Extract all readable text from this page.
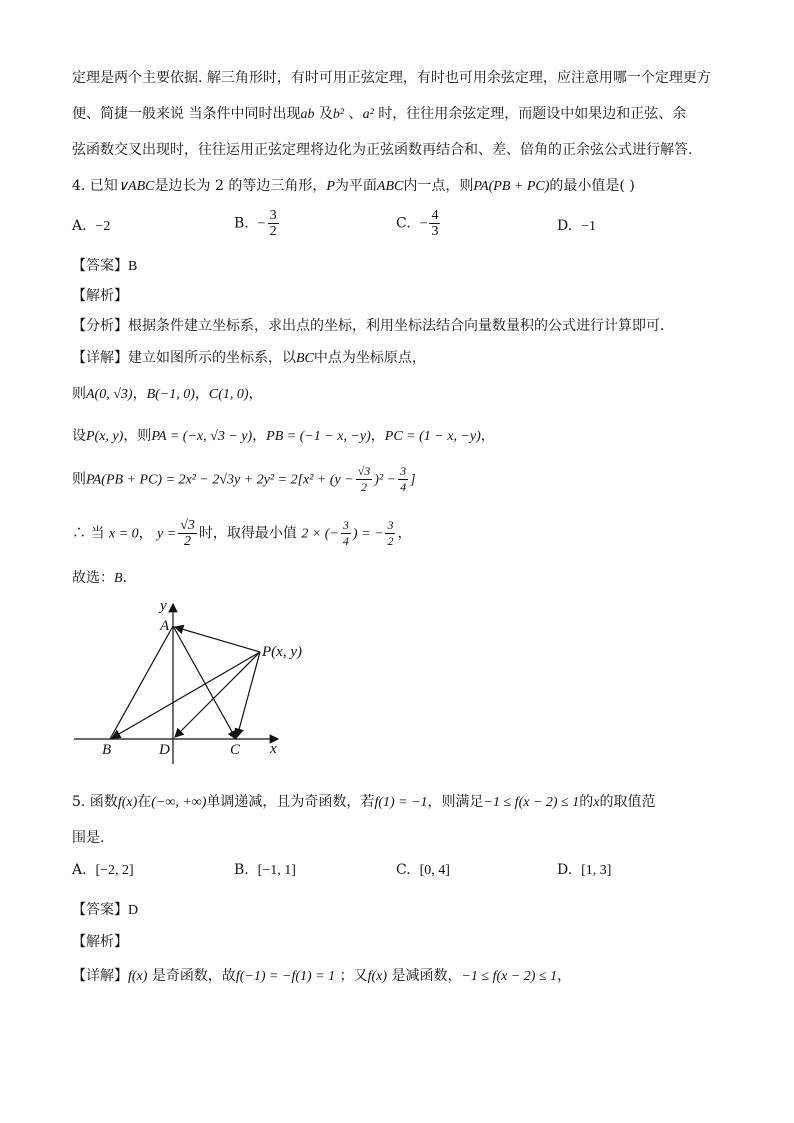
定理是两个主要依据. 解三角形时，有时可用正弦定理，有时也可用余弦定理，应注意用哪一个定理更方
便、简捷一般来说 当条件中同时出现ab 及b² 、a² 时，往往用余弦定理，而题设中如果边和正弦、余
弦函数交叉出现时，往往运用正弦定理将边化为正弦函数再结合和、差、倍角的正余弦公式进行解答.
4. 已知∨ABC是边长为 2 的等边三角形，P为平面ABC内一点，则PA(PB + PC)的最小值是( )
A. −2	B. − $\frac{3}{2}$	C. − $\frac{4}{3}$	D. −1
【答案】B
【解析】
【分析】根据条件建立坐标系，求出点的坐标，利用坐标法结合向量数量积的公式进行计算即可．
【详解】建立如图所示的坐标系，以BC中点为坐标原点，
则A(0, √3)，B(−1, 0)，C(1, 0)，
设P(x, y)，则PA = (−x, √3 − y)，PB = (−1 − x, −y)，PC = (1 − x, −y)，
则$PA(PB + PC) = 2x^2 - 2√3y + 2y^2 = 2[x^2 + (y - \frac{√3}{2} )^2 - \frac{3}{4}$ ]
∴ 当 x = 0， $y = \frac{√3}{2}$ 时，取得最小值 2 × (− $\frac{3}{4}$ ) = − $\frac{3}{2}$ ，
故选：B．
y
x
A
P(x, y)
B	D	C
5. 函数f(x)在(−∞, +∞)单调递减，且为奇函数，若f(1) = −1，则满足−1 ≤ f(x − 2) ≤ 1的x的取值范
围是.
A. [−2, 2]	B. [−1, 1]	C. [0, 4]	D. [1, 3]
【答案】D
【解析】
【详解】f(x) 是奇函数，故f(−1) = −f(1) = 1 ；又f(x) 是减函数，−1 ≤ f(x − 2) ≤ 1，
